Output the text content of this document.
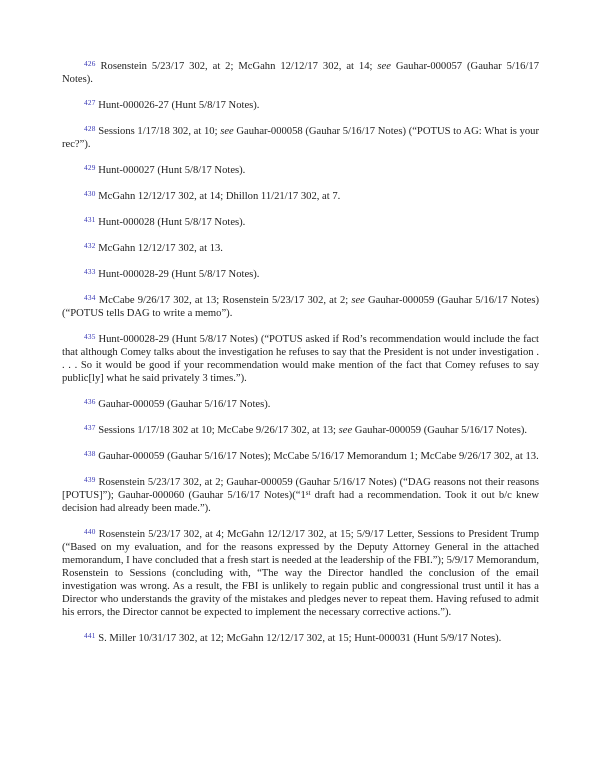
$^{426}$ Rosenstein 5/23/17 302, at 2; McGahn 12/12/17 302, at 14; see Gauhar-000057 (Gauhar 5/16/17 Notes).

$^{427}$ Hunt-000026-27 (Hunt 5/8/17 Notes).

$^{428}$ Sessions 1/17/18 302, at 10; see Gauhar-000058 (Gauhar 5/16/17 Notes) (“POTUS to AG: What is your rec?”).

$^{429}$ Hunt-000027 (Hunt 5/8/17 Notes).

$^{430}$ McGahn 12/12/17 302, at 14; Dhillon 11/21/17 302, at 7.

$^{431}$ Hunt-000028 (Hunt 5/8/17 Notes).

$^{432}$ McGahn 12/12/17 302, at 13.

$^{433}$ Hunt-000028-29 (Hunt 5/8/17 Notes).

$^{434}$ McCabe 9/26/17 302, at 13; Rosenstein 5/23/17 302, at 2; see Gauhar-000059 (Gauhar 5/16/17 Notes) (“POTUS tells DAG to write a memo”).

$^{435}$ Hunt-000028-29 (Hunt 5/8/17 Notes) (“POTUS asked if Rod’s recommendation would include the fact that although Comey talks about the investigation he refuses to say that the President is not under investigation . . . . So it would be good if your recommendation would make mention of the fact that Comey refuses to say public[ly] what he said privately 3 times.”).

$^{436}$ Gauhar-000059 (Gauhar 5/16/17 Notes).

$^{437}$ Sessions 1/17/18 302 at 10; McCabe 9/26/17 302, at 13; see Gauhar-000059 (Gauhar 5/16/17 Notes).

$^{438}$ Gauhar-000059 (Gauhar 5/16/17 Notes); McCabe 5/16/17 Memorandum 1; McCabe 9/26/17 302, at 13.

$^{439}$ Rosenstein 5/23/17 302, at 2; Gauhar-000059 (Gauhar 5/16/17 Notes) (“DAG reasons not their reasons [POTUS]”); Gauhar-000060 (Gauhar 5/16/17 Notes)(“1st draft had a recommendation. Took it out b/c knew decision had already been made.”).

$^{440}$ Rosenstein 5/23/17 302, at 4; McGahn 12/12/17 302, at 15; 5/9/17 Letter, Sessions to President Trump (“Based on my evaluation, and for the reasons expressed by the Deputy Attorney General in the attached memorandum, I have concluded that a fresh start is needed at the leadership of the FBI.”); 5/9/17 Memorandum, Rosenstein to Sessions (concluding with, “The way the Director handled the conclusion of the email investigation was wrong. As a result, the FBI is unlikely to regain public and congressional trust until it has a Director who understands the gravity of the mistakes and pledges never to repeat them. Having refused to admit his errors, the Director cannot be expected to implement the necessary corrective actions.”).

$^{441}$ S. Miller 10/31/17 302, at 12; McGahn 12/12/17 302, at 15; Hunt-000031 (Hunt 5/9/17 Notes).
